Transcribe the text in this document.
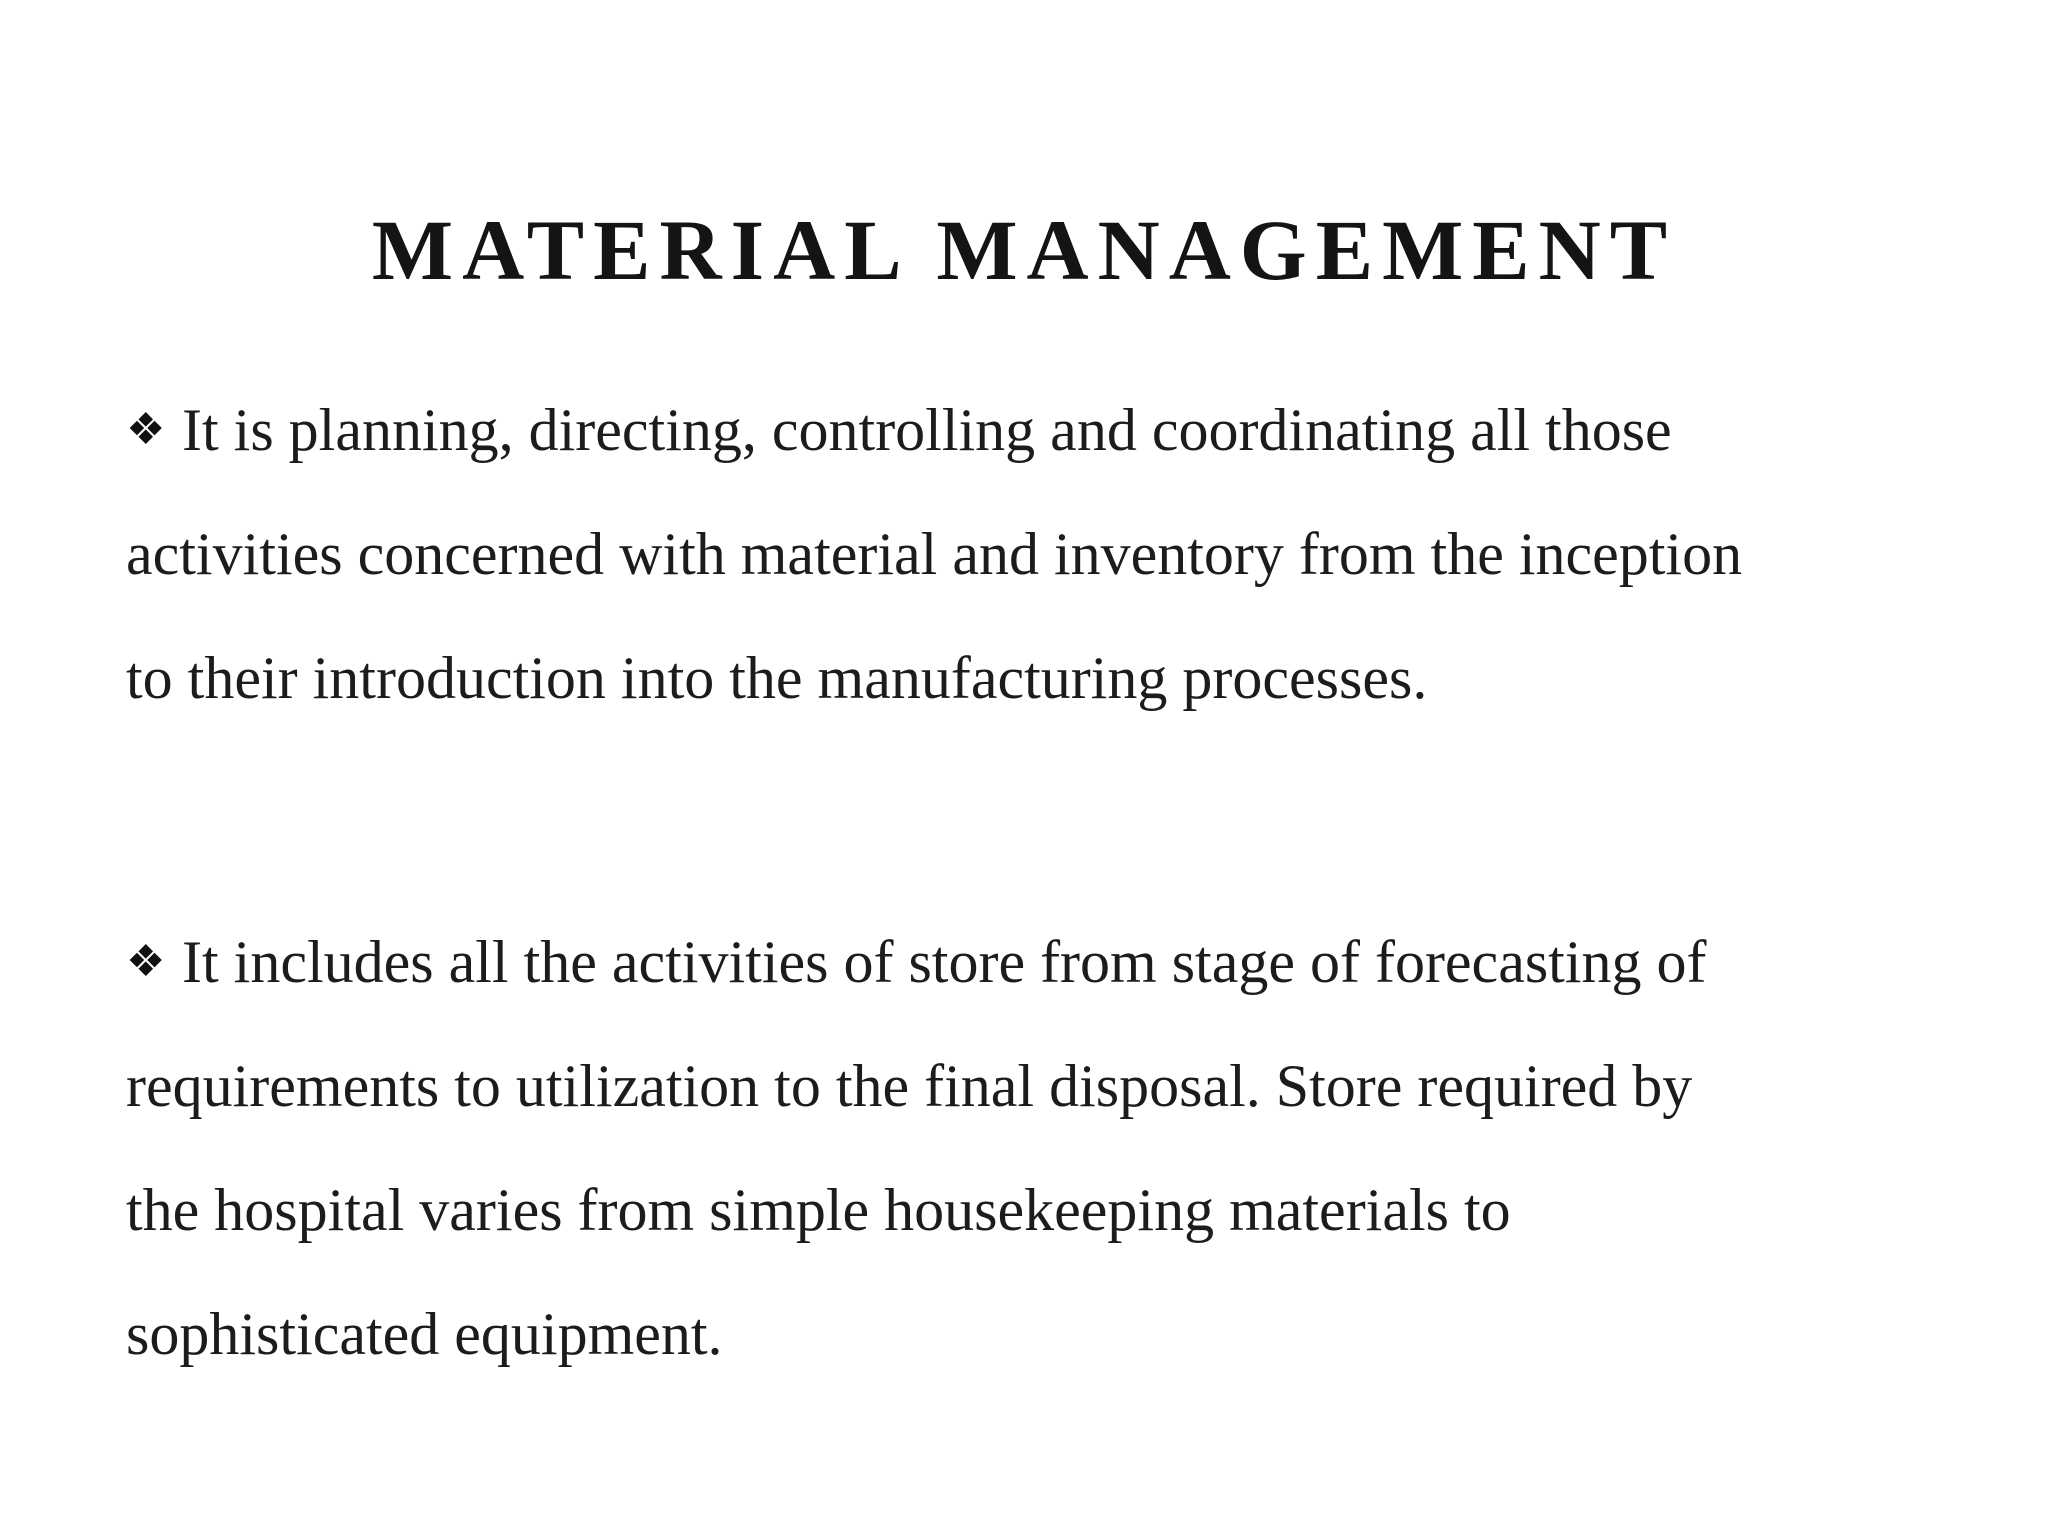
MATERIAL MANAGEMENT

❖ It is planning, directing, controlling and coordinating all those
activities concerned with material and inventory from the inception
to their introduction into the manufacturing processes.

❖ It includes all the activities of store from stage of forecasting of
requirements to utilization to the final disposal. Store required by
the hospital varies from simple housekeeping materials to
sophisticated equipment.
